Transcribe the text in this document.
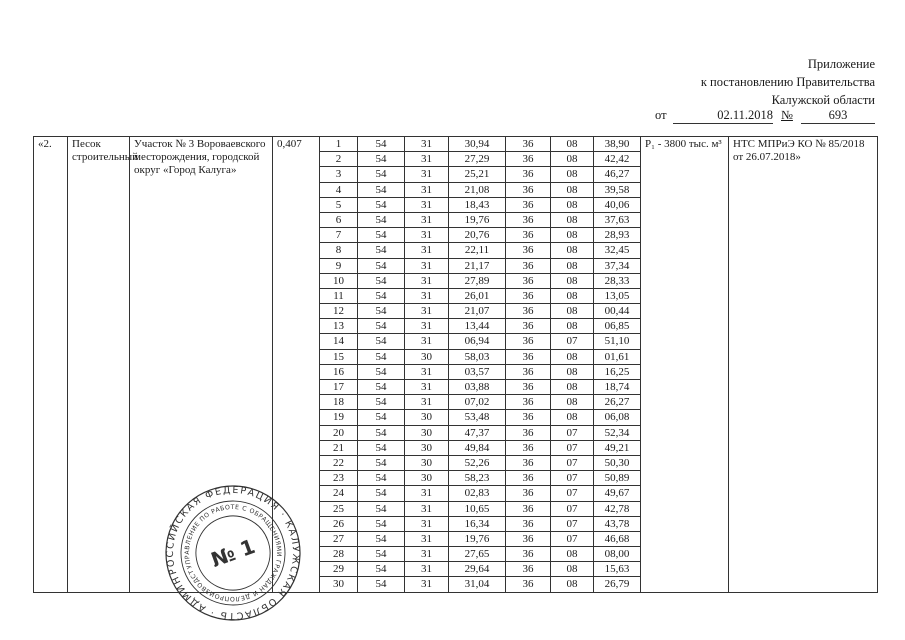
Приложение
к постановлению Правительства
Калужской области
от	02.11.2018 №	693
«2.	Песок строительный	Участок № 3 Вороваевского месторождения, городской округ «Город Калуга»	0,407	1	54	31	30,94	36	08	38,90	P₁ - 3800 тыс. м³	НТС МПРиЭ КО № 85/2018 от 26.07.2018»
				2	54	31	27,29	36	08	42,42		
				3	54	31	25,21	36	08	46,27		
				4	54	31	21,08	36	08	39,58		
				5	54	31	18,43	36	08	40,06		
				6	54	31	19,76	36	08	37,63		
				7	54	31	20,76	36	08	28,93		
				8	54	31	22,11	36	08	32,45		
				9	54	31	21,17	36	08	37,34		
				10	54	31	27,89	36	08	28,33		
				11	54	31	26,01	36	08	13,05		
				12	54	31	21,07	36	08	00,44		
				13	54	31	13,44	36	08	06,85		
				14	54	31	06,94	36	07	51,10		
				15	54	30	58,03	36	08	01,61		
				16	54	31	03,57	36	08	16,25		
				17	54	31	03,88	36	08	18,74		
				18	54	31	07,02	36	08	26,27		
				19	54	30	53,48	36	08	06,08		
				20	54	30	47,37	36	07	52,34		
				21	54	30	49,84	36	07	49,21		
				22	54	30	52,26	36	07	50,30		
				23	54	30	58,23	36	07	50,89		
				24	54	31	02,83	36	07	49,67		
				25	54	31	10,65	36	07	42,78		
				26	54	31	16,34	36	07	43,78		
				27	54	31	19,76	36	07	46,68		
				28	54	31	27,65	36	08	08,00		
				29	54	31	29,64	36	08	15,63		
				30	54	31	31,04	36	08	26,79		
РОССИЙСКАЯ ФЕДЕРАЦИЯ · КАЛУЖСКАЯ ОБЛАСТЬ · АДМИНИСТРАЦИЯ
УПРАВЛЕНИЕ ПО РАБОТЕ С ОБРАЩЕНИЯМИ ГРАЖДАН И ДЕЛОПРОИЗВОДСТВУ
№ 1
